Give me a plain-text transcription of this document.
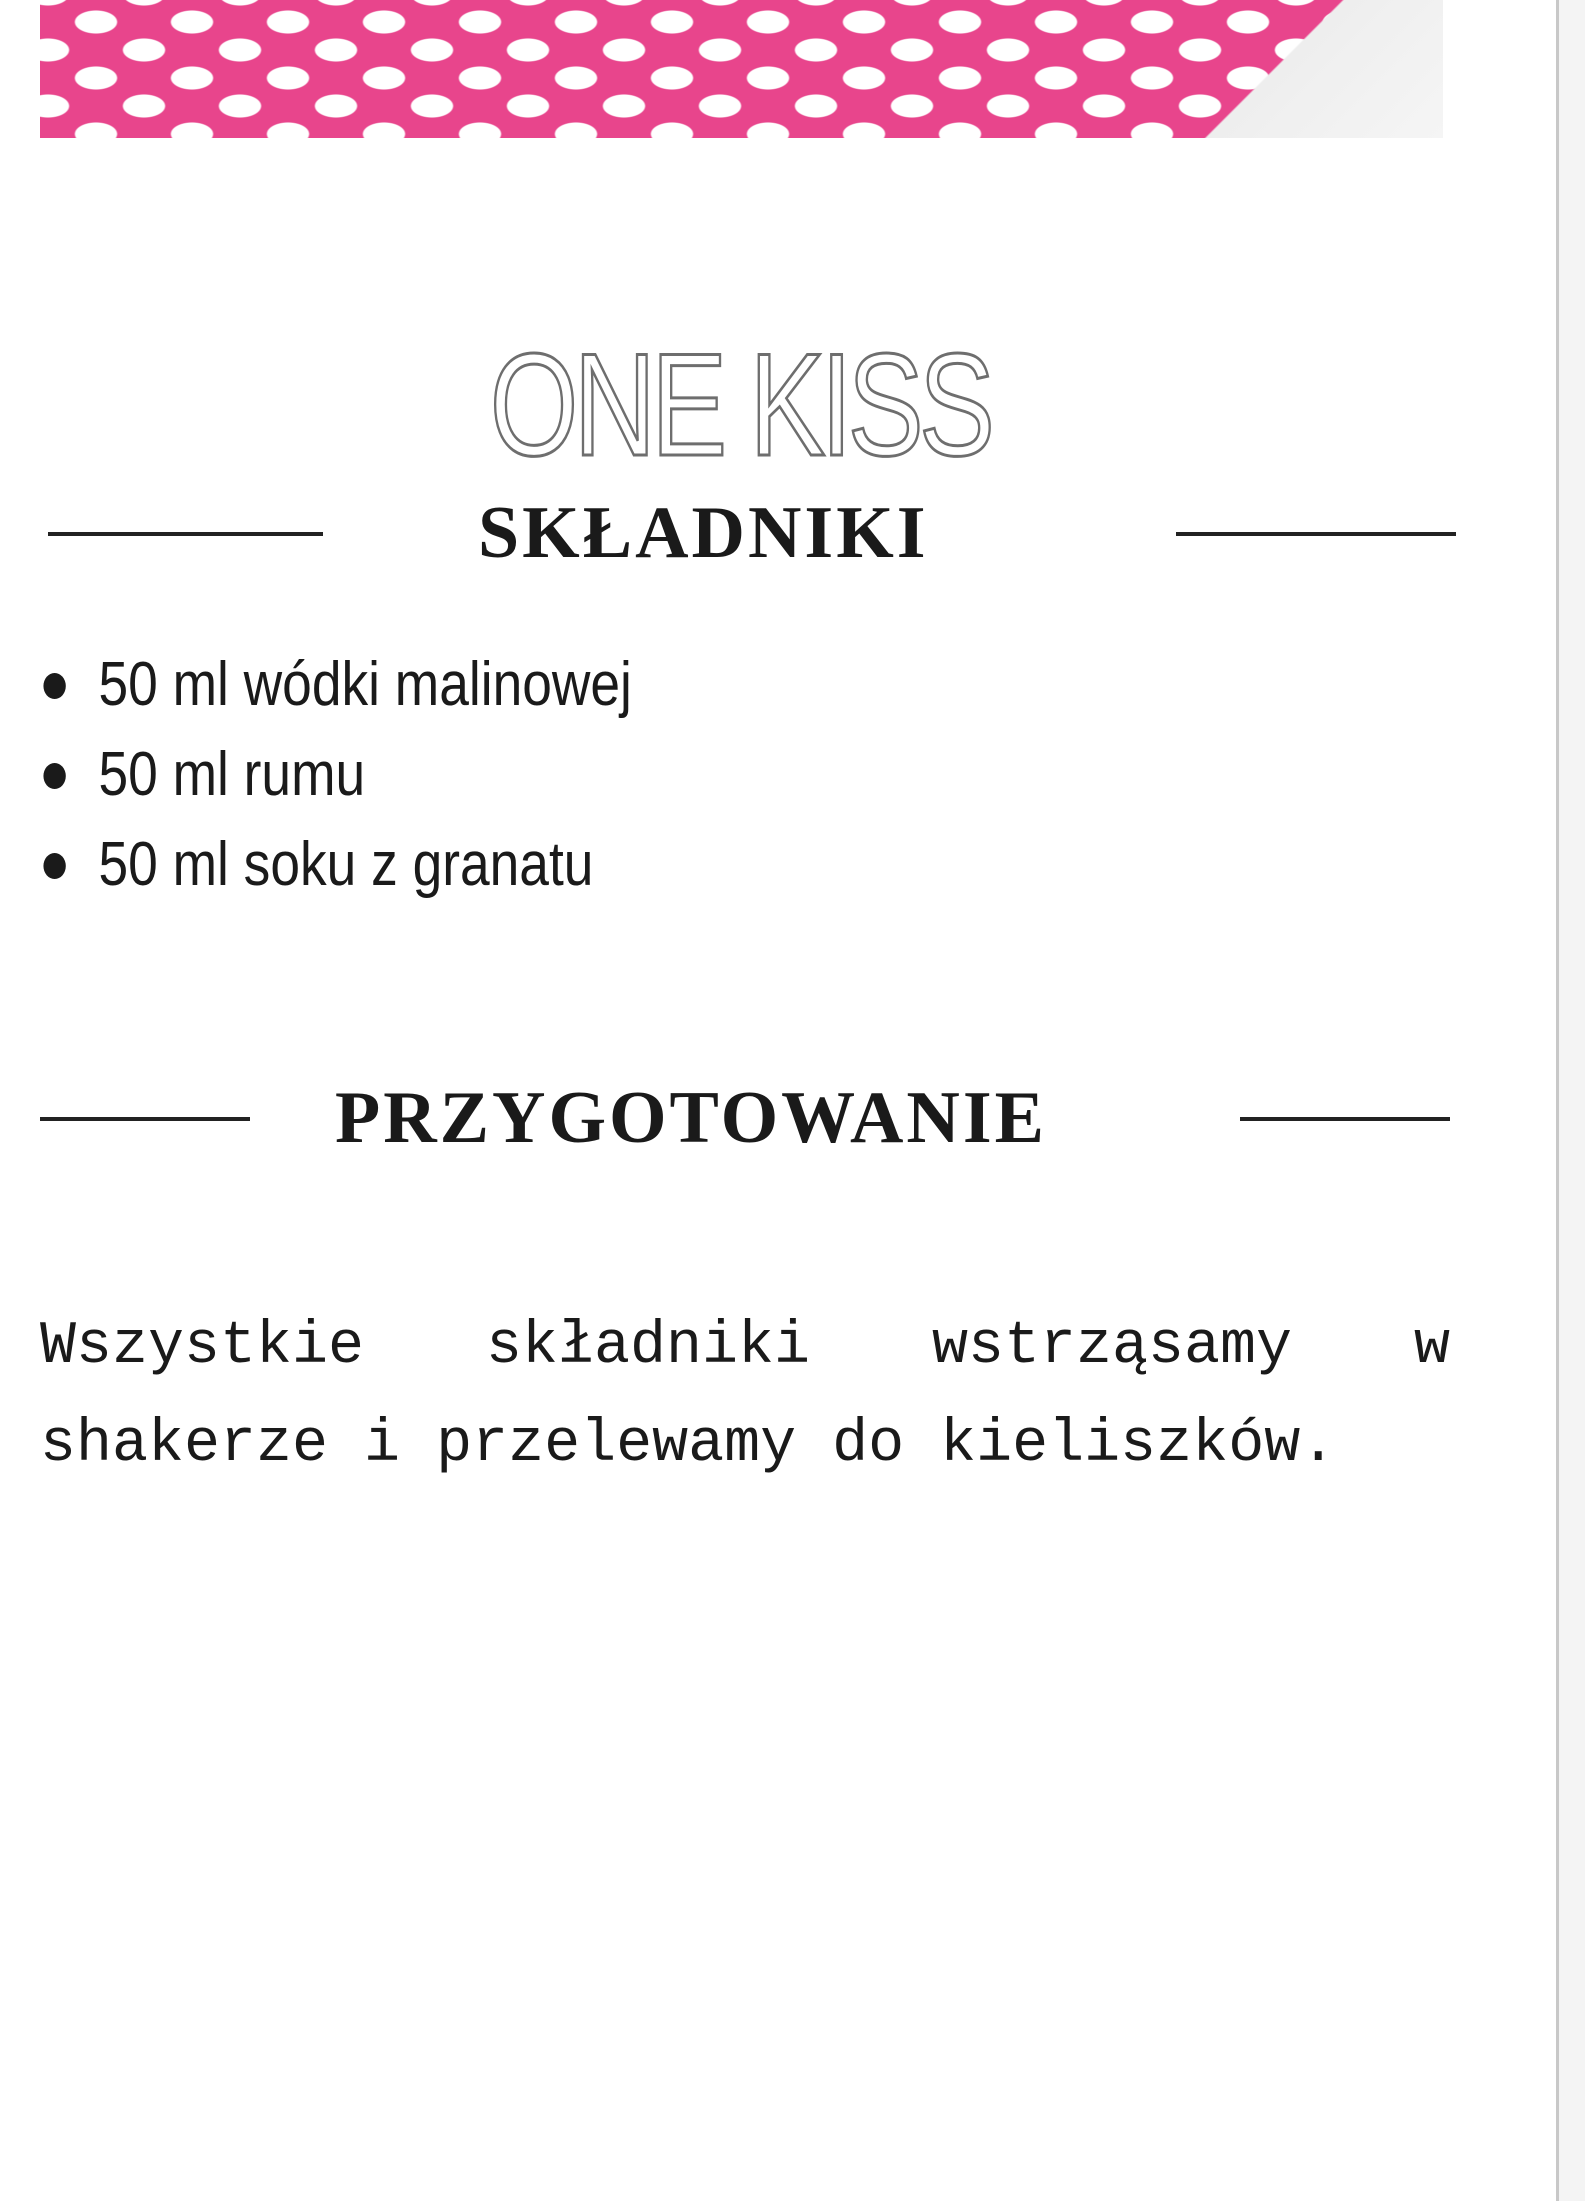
ONE KISS
SKŁADNIKI
50 ml wódki malinowej
50 ml rumu
50 ml soku z granatu
PRZYGOTOWANIE

Wszystkie składniki wstrząsamy w shakerze i przelewamy do kieliszków.
